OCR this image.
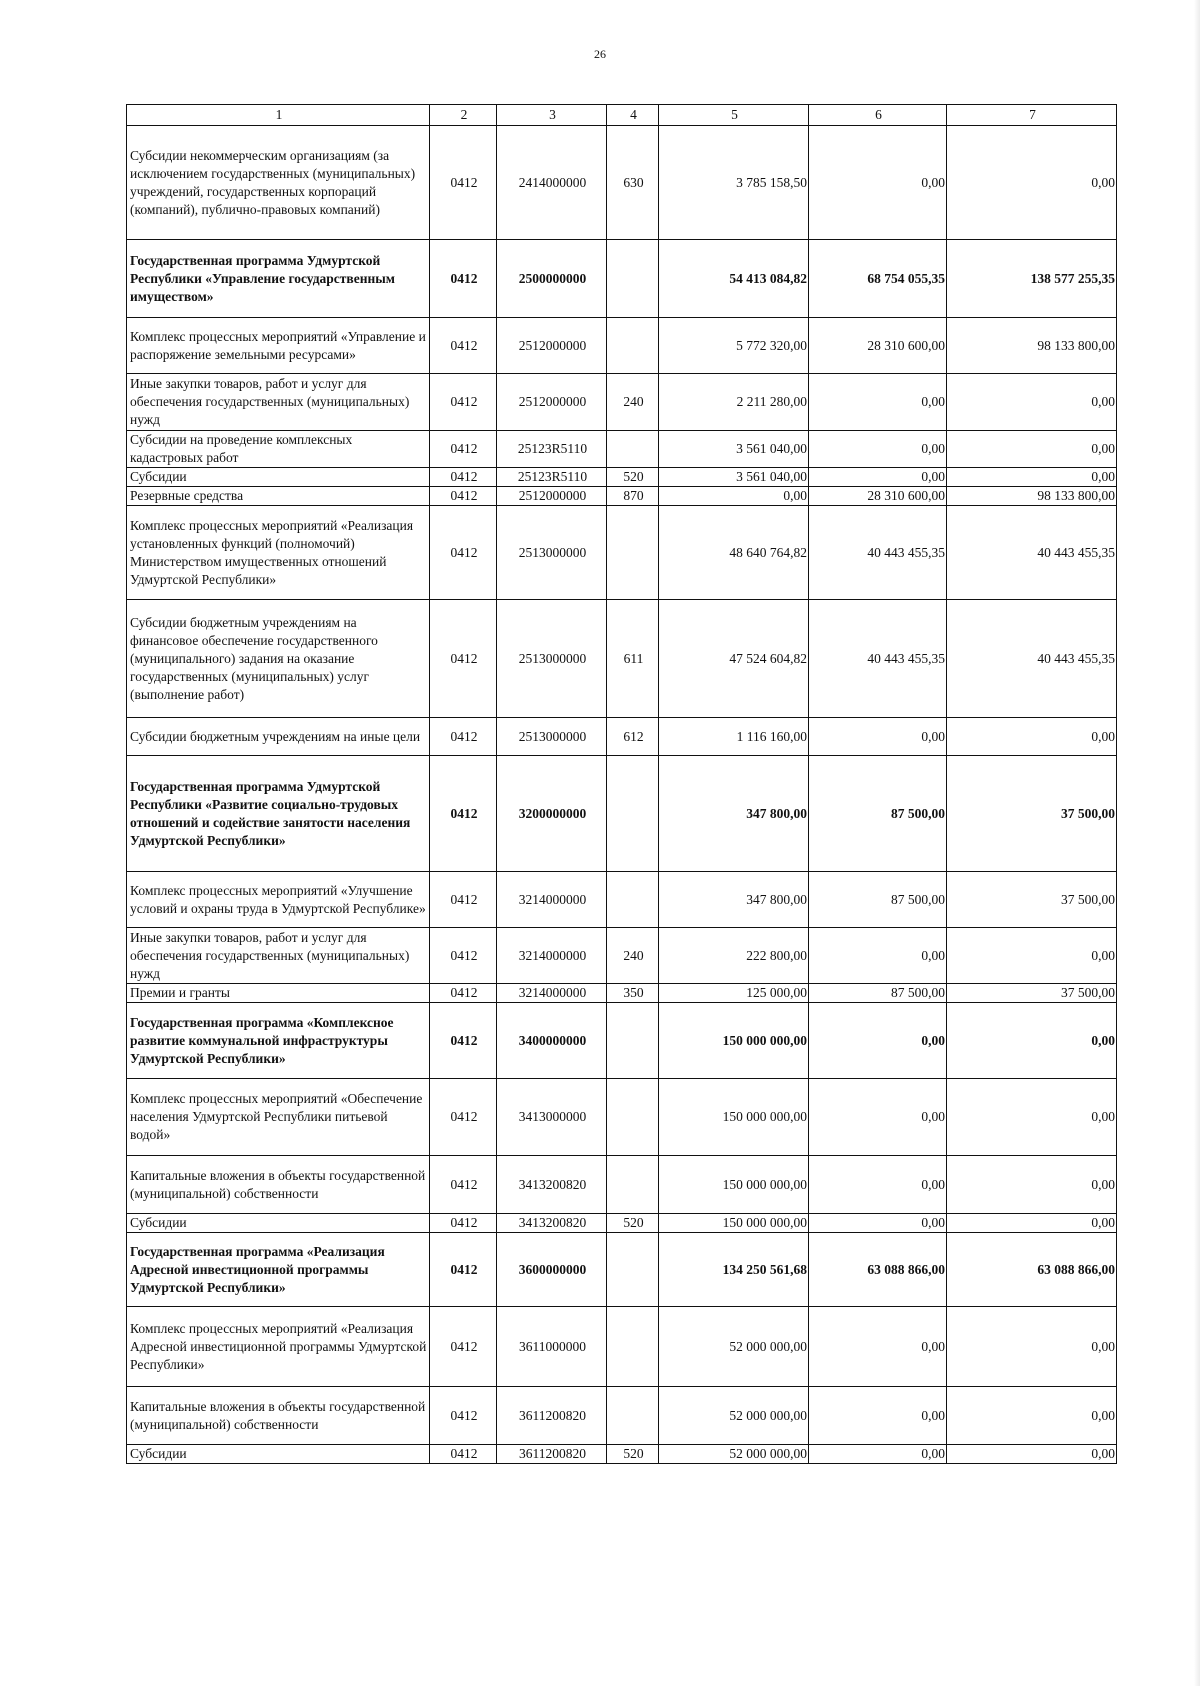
26
1	2	3	4	5	6	7
Субсидии некоммерческим организациям (за исключением государственных (муниципальных) учреждений, государственных корпораций (компаний), публично-правовых компаний)	0412	2414000000	630	3 785 158,50	0,00	0,00
Государственная программа Удмуртской Республики «Управление государственным имуществом»	0412	2500000000		54 413 084,82	68 754 055,35	138 577 255,35
Комплекс процессных мероприятий «Управление и распоряжение земельными ресурсами»	0412	2512000000		5 772 320,00	28 310 600,00	98 133 800,00
Иные закупки товаров, работ и услуг для обеспечения государственных (муниципальных) нужд	0412	2512000000	240	2 211 280,00	0,00	0,00
Субсидии на проведение комплексных кадастровых работ	0412	25123R5110		3 561 040,00	0,00	0,00
Субсидии	0412	25123R5110	520	3 561 040,00	0,00	0,00
Резервные средства	0412	2512000000	870	0,00	28 310 600,00	98 133 800,00
Комплекс процессных мероприятий «Реализация установленных функций (полномочий) Министерством имущественных отношений Удмуртской Республики»	0412	2513000000		48 640 764,82	40 443 455,35	40 443 455,35
Субсидии бюджетным учреждениям на финансовое обеспечение государственного (муниципального) задания на оказание государственных (муниципальных) услуг (выполнение работ)	0412	2513000000	611	47 524 604,82	40 443 455,35	40 443 455,35
Субсидии бюджетным учреждениям на иные цели	0412	2513000000	612	1 116 160,00	0,00	0,00
Государственная программа Удмуртской Республики «Развитие социально-трудовых отношений и содействие занятости населения Удмуртской Республики»	0412	3200000000		347 800,00	87 500,00	37 500,00
Комплекс процессных мероприятий «Улучшение условий и охраны труда в Удмуртской Республике»	0412	3214000000		347 800,00	87 500,00	37 500,00
Иные закупки товаров, работ и услуг для обеспечения государственных (муниципальных) нужд	0412	3214000000	240	222 800,00	0,00	0,00
Премии и гранты	0412	3214000000	350	125 000,00	87 500,00	37 500,00
Государственная программа «Комплексное развитие коммунальной инфраструктуры Удмуртской Республики»	0412	3400000000		150 000 000,00	0,00	0,00
Комплекс процессных мероприятий «Обеспечение населения Удмуртской Республики питьевой водой»	0412	3413000000		150 000 000,00	0,00	0,00
Капитальные вложения в объекты государственной (муниципальной) собственности	0412	3413200820		150 000 000,00	0,00	0,00
Субсидии	0412	3413200820	520	150 000 000,00	0,00	0,00
Государственная программа «Реализация Адресной инвестиционной программы Удмуртской Республики»	0412	3600000000		134 250 561,68	63 088 866,00	63 088 866,00
Комплекс процессных мероприятий «Реализация Адресной инвестиционной программы Удмуртской Республики»	0412	3611000000		52 000 000,00	0,00	0,00
Капитальные вложения в объекты государственной (муниципальной) собственности	0412	3611200820		52 000 000,00	0,00	0,00
Субсидии	0412	3611200820	520	52 000 000,00	0,00	0,00
